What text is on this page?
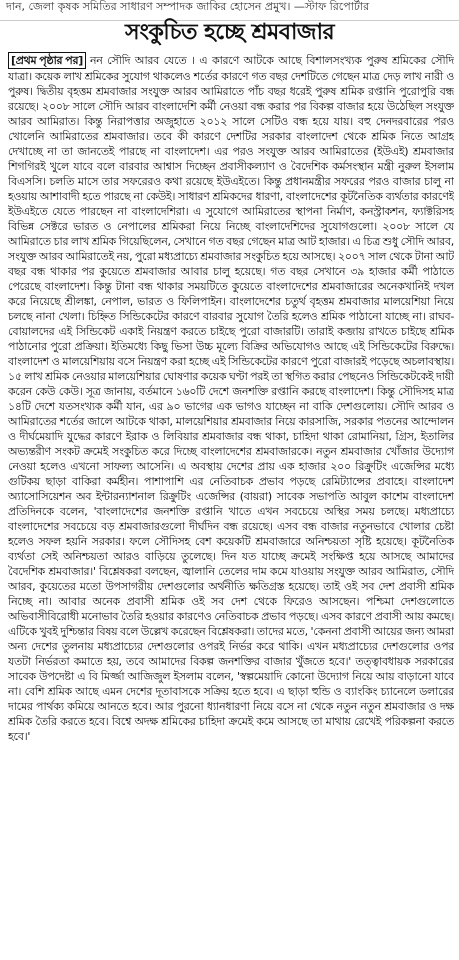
দান, জেলা কৃষক সমিতির সাধারণ সম্পাদক জাকির হোসেন প্রমুখ। —স্টাফ রিপোর্টার
সংকুচিত হচ্ছে শ্রমবাজার

[প্রথম পৃষ্ঠার পর] নন সৌদি আরব যেতে । এ কারণে আটকে আছে বিশালসংখ্যক পুরুষ শ্রমিকের সৌদি যাত্রা। কয়েক লাখ শ্রমিকের সুযোগ থাকলেও শর্তের কারণে গত বছর দেশটিতে গেছেন মাত্র দেড় লাখ নারী ও পুরুষ। দ্বিতীয় বৃহত্তম শ্রমবাজার সংযুক্ত আরব আমিরাতে পাঁচ বছর ধরেই পুরুষ শ্রমিক রপ্তানি পুরোপুরি বন্ধ রয়েছে। ২০০৮ সালে সৌদি আরব বাংলাদেশি কর্মী নেওয়া বন্ধ করার পর বিকল্প বাজার হয়ে উঠেছিল সংযুক্ত আরব আমিরাত। কিন্তু নিরাপত্তার অজুহাতে ২০১২ সালে সেটিও বন্ধ হয়ে যায়। বহু দেনদরবারের পরও খোলেনি আমিরাতের শ্রমবাজার। তবে কী কারণে দেশটির সরকার বাংলাদেশ থেকে শ্রমিক নিতে আগ্রহ দেখাচ্ছে না তা জানতেই পারছে না বাংলাদেশ। এর পরও সংযুক্ত আরব আমিরাতের (ইউএই) শ্রমবাজার শিগগিরই খুলে যাবে বলে বারবার আশ্বাস দিচ্ছেন প্রবাসীকল্যাণ ও বৈদেশিক কর্মসংস্থান মন্ত্রী নুরুল ইসলাম বিএসসি। চলতি মাসে তার সফরেরও কথা রয়েছে ইউএইতে। কিন্তু প্রধানমন্ত্রীর সফরের পরও বাজার চালু না হওয়ায় আশাবাদী হতে পারছে না কেউই। সাধারণ শ্রমিকদের ধারণা, বাংলাদেশের কূটনৈতিক ব্যর্থতার কারণেই ইউএইতে যেতে পারছেন না বাংলাদেশিরা। এ সুযোগে আমিরাতের স্থাপনা নির্মাণ, কনস্ট্রাকশন, ফ্যাক্টরিসহ বিভিন্ন সেক্টরে ভারত ও নেপালের শ্রমিকরা নিয়ে নিচ্ছে বাংলাদেশিদের সুযোগগুলো। ২০০৮ সালে যে আমিরাতে চার লাখ শ্রমিক গিয়েছিলেন, সেখানে গত বছর গেছেন মাত্র আট হাজার। এ চিত্র শুধু সৌদি আরব, সংযুক্ত আরব আমিরাতেই নয়, পুরো মধ্যপ্রাচ্যে শ্রমবাজার সংকুচিত হয়ে আসছে। ২০০৭ সাল থেকে টানা আট বছর বন্ধ থাকার পর কুয়েতে শ্রমবাজার আবার চালু হয়েছে। গত বছর সেখানে ৩৯ হাজার কর্মী পাঠাতে পেরেছে বাংলাদেশ। কিন্তু টানা বন্ধ থাকার সময়টিতে কুয়েতে বাংলাদেশের শ্রমবাজারের অনেকখানিই দখল করে নিয়েছে শ্রীলঙ্কা, নেপাল, ভারত ও ফিলিপাইন। বাংলাদেশের চতুর্থ বৃহত্তম শ্রমবাজার মালয়েশিয়া নিয়ে চলছে নানা খেলা। চিহ্নিত সিন্ডিকেটের কারণে বারবার সুযোগ তৈরি হলেও শ্রমিক পাঠানো যাচ্ছে না। রাঘব-বোয়ালদের এই সিন্ডিকেট একাই নিয়ন্ত্রণ করতে চাইছে পুরো বাজারটি। তারাই কব্জায় রাখতে চাইছে শ্রমিক পাঠানোর পুরো প্রক্রিয়া। ইতিমধ্যে কিছু ভিসা উচ্চ মূল্যে বিক্রির অভিযোগও আছে এই সিন্ডিকেটের বিরুদ্ধে। বাংলাদেশ ও মালয়েশিয়ায় বসে নিয়ন্ত্রণ করা হচ্ছে এই সিন্ডিকেটের কারণে পুরো বাজারই পড়েছে অচলাবস্থায়। ১৫ লাখ শ্রমিক নেওয়ার মালয়েশিয়ার ঘোষণার কয়েক ঘণ্টা পরই তা স্থগিত করার পেছনেও সিন্ডিকেটকেই দায়ী করেন কেউ কেউ। সূত্র জানায়, বর্তমানে ১৬০টি দেশে জনশক্তি রপ্তানি করছে বাংলাদেশ। কিন্তু সৌদিসহ মাত্র ১৪টি দেশে যতসংখ্যক কর্মী যান, এর ৯০ ভাগের এক ভাগও যাচ্ছেন না বাকি দেশগুলোয়। সৌদি আরব ও আমিরাতের শর্তের জালে আটকে থাকা, মালয়েশিয়ার শ্রমবাজার নিয়ে কারসাজি, সরকার পতনের আন্দোলন ও দীর্ঘমেয়াদি যুদ্ধের কারণে ইরাক ও লিবিয়ার শ্রমবাজার বন্ধ থাকা, চাহিদা থাকা রোমানিয়া, গ্রিস, ইতালির অভ্যন্তরীণ সংকট ক্রমেই সংকুচিত করে দিচ্ছে বাংলাদেশের শ্রমবাজারকে। নতুন শ্রমবাজার খোঁজার উদ্যোগ নেওয়া হলেও এখনো সাফল্য আসেনি। এ অবস্থায় দেশের প্রায় এক হাজার ২০০ রিক্রুটিং এজেন্সির মধ্যে গুটিকয় ছাড়া বাকিরা কর্মহীন। পাশাপাশি এর নেতিবাচক প্রভাব পড়ছে রেমিট্যান্সের প্রবাহে। বাংলাদেশ অ্যাসোসিয়েশন অব ইন্টারন্যাশনাল রিক্রুটিং এজেন্সির (বায়রা) সাবেক সভাপতি আবুল কাশেম বাংলাদেশ প্রতিদিনকে বলেন, 'বাংলাদেশের জনশক্তি রপ্তানি খাতে এখন সবচেয়ে অস্থির সময় চলছে। মধ্যপ্রাচ্যে বাংলাদেশের সবচেয়ে বড় শ্রমবাজারগুলো দীর্ঘদিন বন্ধ রয়েছে। এসব বন্ধ বাজার নতুনভাবে খোলার চেষ্টা হলেও সফল হয়নি সরকার। ফলে সৌদিসহ বেশ কয়েকটি শ্রমবাজারে অনিশ্চয়তা সৃষ্টি হয়েছে। কূটনৈতিক ব্যর্থতা সেই অনিশ্চয়তা আরও বাড়িয়ে তুলেছে। দিন যত যাচ্ছে ক্রমেই সংক্ষিপ্ত হয়ে আসছে আমাদের বৈদেশিক শ্রমবাজার।' বিশ্লেষকরা বলছেন, জ্বালানি তেলের দাম কমে যাওয়ায় সংযুক্ত আরব আমিরাত, সৌদি আরব, কুয়েতের মতো উপসাগরীয় দেশগুলোর অর্থনীতি ক্ষতিগ্রস্ত হয়েছে। তাই ওই সব দেশ প্রবাসী শ্রমিক নিচ্ছে না। আবার অনেক প্রবাসী শ্রমিক ওই সব দেশ থেকে ফিরেও আসছেন। পশ্চিমা দেশগুলোতে অভিবাসীবিরোধী মনোভাব তৈরি হওয়ার কারণেও নেতিবাচক প্রভাব পড়ছে। এসব কারণে প্রবাসী আয় কমছে। এটিকে খুবই দুশ্চিন্তার বিষয় বলে উল্লেখ করেছেন বিশ্লেষকরা। তাদের মতে, 'কেননা প্রবাসী আয়ের জন্য আমরা অন্য দেশের তুলনায় মধ্যপ্রাচ্যের দেশগুলোর ওপরই নির্ভর করে থাকি। এখন মধ্যপ্রাচ্যের দেশগুলোর ওপর যতটা নির্ভরতা কমাতে হয়, তবে আমাদের বিকল্প জনশক্তির বাজার খুঁজতে হবে।' তত্ত্বাবধায়ক সরকারের সাবেক উপদেষ্টা এ বি মির্জ্জা আজিজুল ইসলাম বলেন, 'স্বল্পমেয়াদি কোনো উদ্যোগ নিয়ে আয় বাড়ানো যাবে না। বেশি শ্রমিক আছে এমন দেশের দূতাবাসকে সক্রিয় হতে হবে। এ ছাড়া হুন্ডি ও ব্যাংকিং চ্যানেলে ডলারের দামের পার্থক্য কমিয়ে আনতে হবে। আর পুরনো ধ্যানধারণা নিয়ে বসে না থেকে নতুন নতুন শ্রমবাজার ও দক্ষ শ্রমিক তৈরি করতে হবে। বিশ্বে অদক্ষ শ্রমিকের চাহিদা ক্রমেই কমে আসছে তা মাথায় রেখেই পরিকল্পনা করতে হবে।'
